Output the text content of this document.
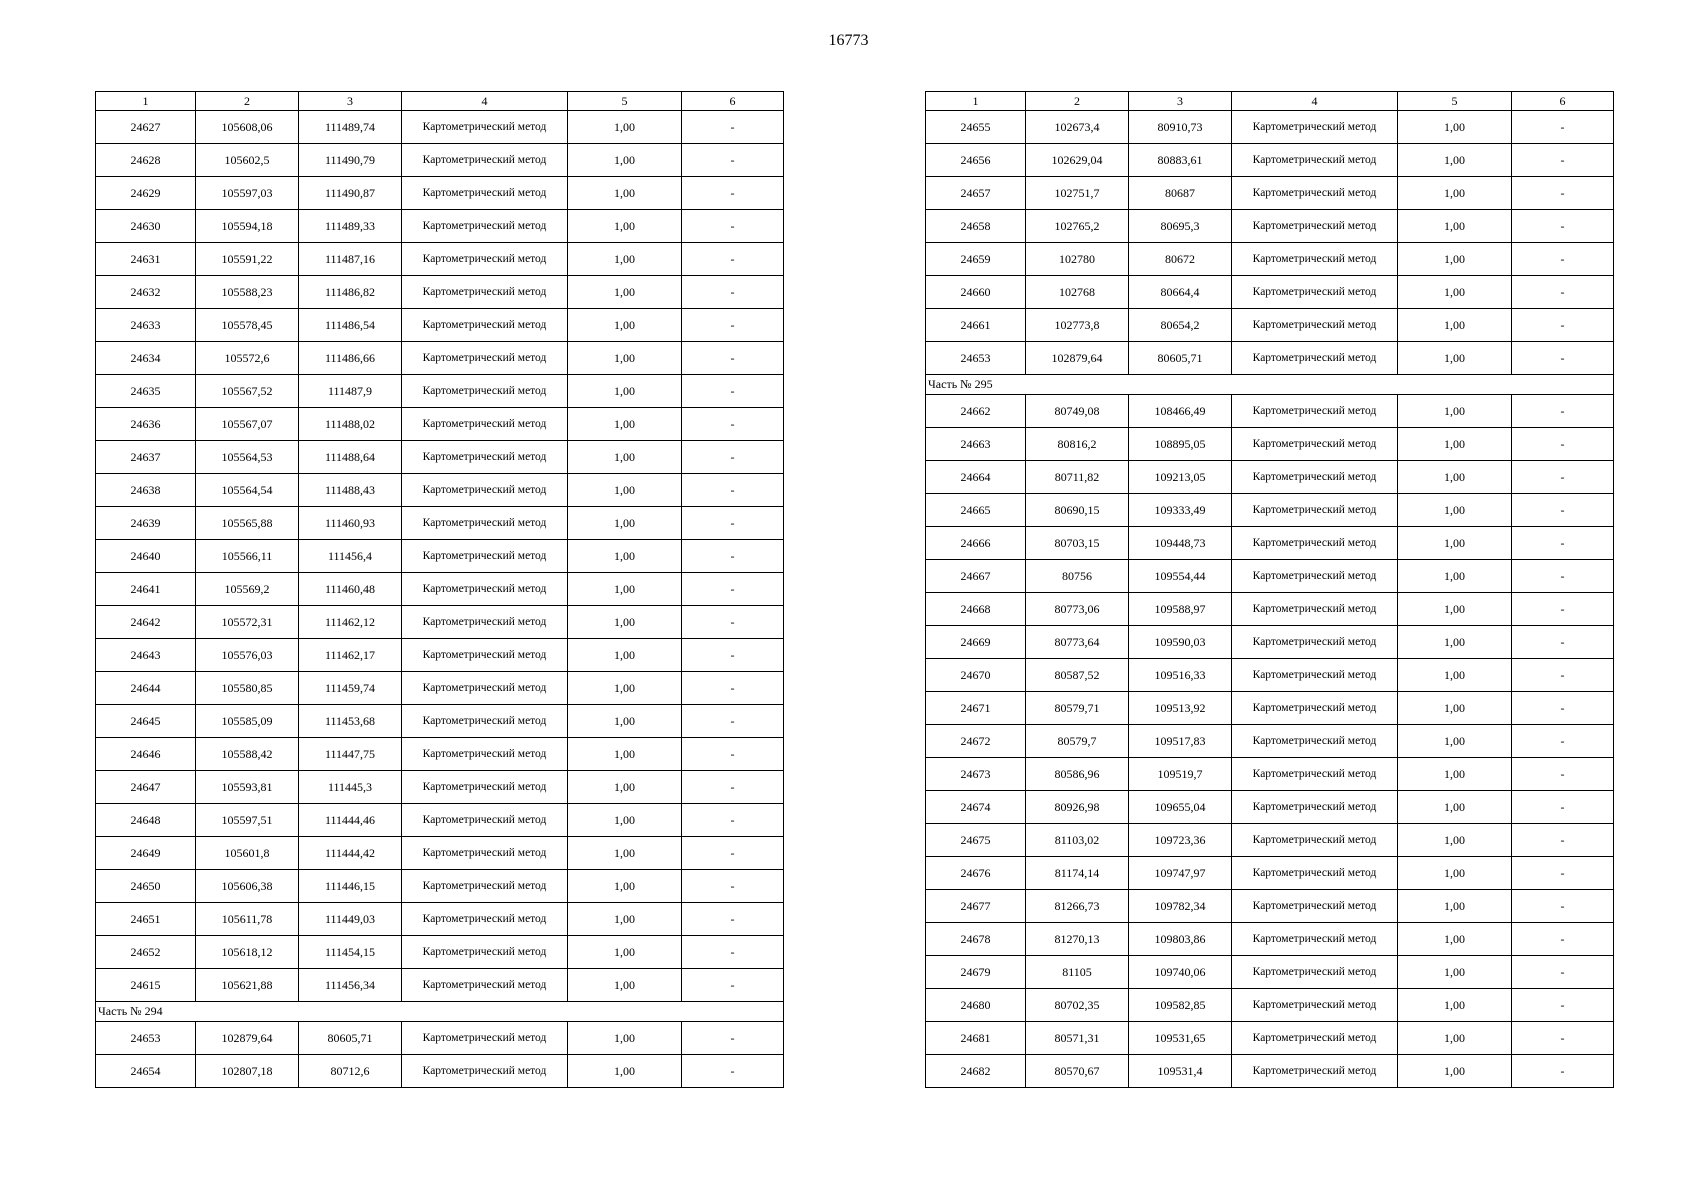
16773
1	2	3	4	5	6
24627	105608,06	111489,74	Картометрический метод	1,00	-
24628	105602,5	111490,79	Картометрический метод	1,00	-
24629	105597,03	111490,87	Картометрический метод	1,00	-
24630	105594,18	111489,33	Картометрический метод	1,00	-
24631	105591,22	111487,16	Картометрический метод	1,00	-
24632	105588,23	111486,82	Картометрический метод	1,00	-
24633	105578,45	111486,54	Картометрический метод	1,00	-
24634	105572,6	111486,66	Картометрический метод	1,00	-
24635	105567,52	111487,9	Картометрический метод	1,00	-
24636	105567,07	111488,02	Картометрический метод	1,00	-
24637	105564,53	111488,64	Картометрический метод	1,00	-
24638	105564,54	111488,43	Картометрический метод	1,00	-
24639	105565,88	111460,93	Картометрический метод	1,00	-
24640	105566,11	111456,4	Картометрический метод	1,00	-
24641	105569,2	111460,48	Картометрический метод	1,00	-
24642	105572,31	111462,12	Картометрический метод	1,00	-
24643	105576,03	111462,17	Картометрический метод	1,00	-
24644	105580,85	111459,74	Картометрический метод	1,00	-
24645	105585,09	111453,68	Картометрический метод	1,00	-
24646	105588,42	111447,75	Картометрический метод	1,00	-
24647	105593,81	111445,3	Картометрический метод	1,00	-
24648	105597,51	111444,46	Картометрический метод	1,00	-
24649	105601,8	111444,42	Картометрический метод	1,00	-
24650	105606,38	111446,15	Картометрический метод	1,00	-
24651	105611,78	111449,03	Картометрический метод	1,00	-
24652	105618,12	111454,15	Картометрический метод	1,00	-
24615	105621,88	111456,34	Картометрический метод	1,00	-
Часть № 294					
24653	102879,64	80605,71	Картометрический метод	1,00	-
24654	102807,18	80712,6	Картометрический метод	1,00	-
1	2	3	4	5	6
24655	102673,4	80910,73	Картометрический метод	1,00	-
24656	102629,04	80883,61	Картометрический метод	1,00	-
24657	102751,7	80687	Картометрический метод	1,00	-
24658	102765,2	80695,3	Картометрический метод	1,00	-
24659	102780	80672	Картометрический метод	1,00	-
24660	102768	80664,4	Картометрический метод	1,00	-
24661	102773,8	80654,2	Картометрический метод	1,00	-
24653	102879,64	80605,71	Картометрический метод	1,00	-
Часть № 295					
24662	80749,08	108466,49	Картометрический метод	1,00	-
24663	80816,2	108895,05	Картометрический метод	1,00	-
24664	80711,82	109213,05	Картометрический метод	1,00	-
24665	80690,15	109333,49	Картометрический метод	1,00	-
24666	80703,15	109448,73	Картометрический метод	1,00	-
24667	80756	109554,44	Картометрический метод	1,00	-
24668	80773,06	109588,97	Картометрический метод	1,00	-
24669	80773,64	109590,03	Картометрический метод	1,00	-
24670	80587,52	109516,33	Картометрический метод	1,00	-
24671	80579,71	109513,92	Картометрический метод	1,00	-
24672	80579,7	109517,83	Картометрический метод	1,00	-
24673	80586,96	109519,7	Картометрический метод	1,00	-
24674	80926,98	109655,04	Картометрический метод	1,00	-
24675	81103,02	109723,36	Картометрический метод	1,00	-
24676	81174,14	109747,97	Картометрический метод	1,00	-
24677	81266,73	109782,34	Картометрический метод	1,00	-
24678	81270,13	109803,86	Картометрический метод	1,00	-
24679	81105	109740,06	Картометрический метод	1,00	-
24680	80702,35	109582,85	Картометрический метод	1,00	-
24681	80571,31	109531,65	Картометрический метод	1,00	-
24682	80570,67	109531,4	Картометрический метод	1,00	-
